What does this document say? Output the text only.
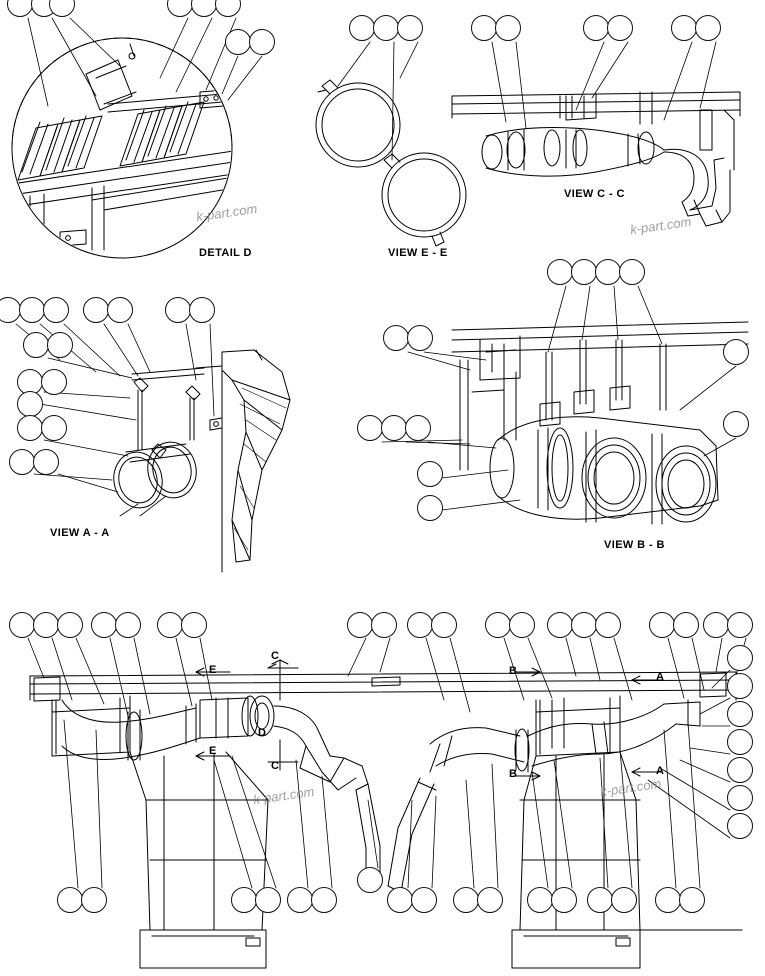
DETAIL D	VIEW E - E
VIEW C - C
VIEW A - A
VIEW B - B
C
C
E
E
D
B
B
A
A
k-part.com
k-part.com
k-part.com	k-part.com
